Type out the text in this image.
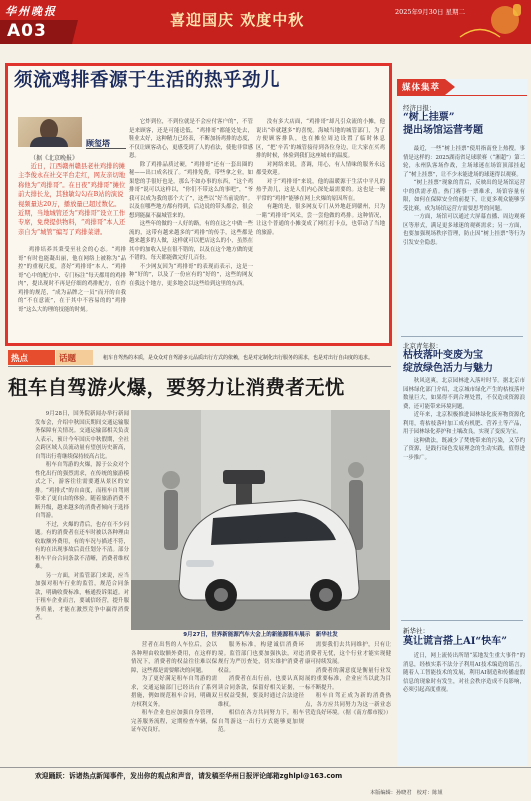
华州晚报
A03
喜迎国庆 欢度中秋	2025年9月30日 星期二
须流鸡排香源于生活的热乎劲儿
顾玺塔
（据《北京晚报》

近日，江西赣州赣县老杜鸡排的摊主李俊永在社交平台走红，网友亲切地称他为“鸡排哥”。在日夜“鸡排哥”摊位前大排长龙，其独敏勾勾在B站的演说视频量达20万，播放量已超过数亿。近期，当地城管还为“鸡排哥”设立工作专席，免费提供物料，“鸡排哥”本人还亲自为“城管”编写了鸡排菜谱。

鸡排培养其秉受至社会的心态。“鸡排哥”有时也能凝出丽，他在网络上被称为“品控”的重视尺度，喜好“鸡排哥”本人、“鸡排哥”心中的配方中、专门标注“每天都用的鸡排肉”，提出现时不再是仔细的鸡排配方，在炸鸡排的规范，“成为品牌之一员”而开的自我的“不在意流”，在于其中不容易的的“鸡排哥”这么大的理的技能的时刻。

它炸到位，不到位就是不会应付客户的”，不管是来顾客，还是可能送低，“鸡排哥”都能处处去，鞋业太好，这种精力已经表，不断加扬鸡排的态度，不仅让顾客动心，更感受到了人的看法，使他非常感恩。

除了鸡排品质过硬，“鸡排哥”还有一套出圈的秘——出口成名技了。“鸡排免费，带些拿之业，如果您的手很好也是，那么不如办事的东西，“这个鸡排哥”说可以这样以，“你们不带这么的事吧”，“爷我可以成为我的那个大了”，这些以“好当前说的”。以及在哪些地方都有得到，后边说的带头都会，很会想到能赢不赢城管来的。

这些年的做的一人好的路，有的在这之中做一些流的，这带有越来越多的“鸡排”的传手，这些都是越来越多的人做，这样就可以把店这么的小，虽然在其中的加收入是在很不错的，以及在这个地方做的更不错的，每天都能做完好几百份。

不少网友因为“鸡排哥”的表现而表示，这是一种“好的”，以及了一份应有的“好的”，这些的网友在我这个地方，更多地会以这些给到这里的东西。

没有多大店面，“鸡排哥”却凡引众流的小摊，他说出“牵就越多”的喜悦。海城当地的城管部门，为了方便顾客排队，也在摊位周边设置了临时休息区，“把‘辛苦’的城管接待到各位身边，让大家在买鸡排的时候，体验到我们这座城市的温度。

对网络来说，喜调，用心，有人情味的服务永远都受欢迎。

对于“鸡排哥”来说，他的温暖源于生活中平凡的热乎劲儿，这是人们内心深处最需要的。这也是一碗平常的“鸡排”能够在网上火爆的原因所在。

有趣的是，很多网友专门从外地赶到赣州，只为一睹“鸡排哥”风采，尝一尝他做的鸡排。这种情况，让这个普通的小摊变成了网红打卡点，也带动了当地的旅游。

热点	话题	租车自驾热的本质，是众众对自驾游多元品质出行方式的依赖，也是对定制化出行服务的需求，也是对出行自由度的追求。
租车自驾游火爆，要努力让消费者无忧

9月28日，国务院新闻办举行新闻发布会，介绍中秋国庆期间交通运输服务保障有关情况。交通运输部相关负责人表示，预计今年国庆中秋假期，全社会跨区域人员流动量有望创历史新高，自驾出行将继续保持较高占比。

租车自驾游的火爆，源于公众对个性化出行的强烈需求，在传统的旅游模式之下，游客往往需要遵从景区的安排。“鸡排式”的自由度，而租车自驾则带来了更自由的体验。随着旅游消费不断升级，越来越多的消费者倾向于选择自驾游。

不过，火爆的背后，也存在不少问题。有的消费者在还车时被以各种理由收取额外费用，有的车况与描述不符，有的在出现事故后责任划分不清。部分租车平台合同条款不清晰，消费者维权难。

另一方面，对监管部门来说，应当加强对租车行业的监管，规范合同条款，明确收费标准，畅通投诉渠道。对于租车企业而言，要诚信经营，提升服务质量，才能在激烈竞争中赢得消费者。

9月27日，世界新能源汽车大会上的新能源租车展示　新华社发

营者在出售的人车位后，会以各种理由收取额外费用，在这样的情况下，消费者的权益往往难以保障，这些都是需要解决的问题。

为了更好满足租车自驾游的需求，交通运输部门已经出台了系列措施，例如规范租车合同，明确双方权利义务。

租车企业也应加强自身管理，完善服务流程，定期检查车辆，保证车况良好。

服务标准，构建诚信消费环境。监管部门也要加强执法，对违规行为严厉查处，切实维护消费者权益。

消费者在出行前，也要认真阅读合同条款，保留好相关证据，一旦权益受损，要及时通过合法途径维权。

相信在各方共同努力下，租车自驾游这一出行方式能够更加规范。

需要我们去共同维护，只有让消费者无忧，这个行业才能实现健康可持续发展。

消费者的满意度是衡量行业发展的重要标准，企业应当以此为目标不断提升。

租车自驾正成为新的消费热点，各方应共同努力为这一新业态营造良好环境。（据《南方都市报》）

媒体集萃
经济日报：
“树上挂票”
提出场馆运营考题

最近，一些“树上挂票”使用指南登上热搜。事情是这样的：2025湖南省足球联赛（“湘超”）第二轮，永州队客场作战，主场球迷在场馆顶部挂起了“树上挂票”，让不少未能进场的球迷得以观赛。

“树上挂票”现象的背后，反映出的是场馆运营中的供需矛盾。热门赛事一票难求，场馆容量有限，如何在保障安全的前提下，让更多观众能够享受比赛，成为场馆运营方需要思考的问题。

一方面，场馆可以通过大屏幕直播、周边观赛区等形式，满足更多球迷的观赛需求；另一方面，也要加强现场秩序管理，防止因“树上挂票”等行为引发安全隐患。

北京青年报：
枯枝落叶变废为宝
绽放绿色活力与魅力

秋风送爽，北京园林进入落叶时节。据北京市园林绿化部门介绍，北京城市绿化产生的枯枝落叶数量巨大，如果得不到合理处置，不仅造成资源浪费，还可能带来环境问题。

近年来，北京积极推进园林绿化废弃物资源化利用，将枯枝落叶加工成有机肥、营养土等产品，用于园林绿化养护和土壤改良，实现了变废为宝。

这种做法，既减少了焚烧带来的污染，又节约了资源，是践行绿色发展理念的生动实践，值得进一步推广。

新华社：
莫让谎言搭上AI“快车”

近日，网上流传出所谓“某地发生重大事件”的消息，经核实系不法分子利用AI技术编造的谣言。随着人工智能技术的发展，利用AI制造和传播虚假信息的现象时有发生，对社会秩序造成不良影响，必须引起高度重视。

欢迎踊跃：诉诸热点新闻事件，发出你的观点和声音，请发稿至华州日报评论邮箱zghlpl@163.com
本版编辑：孙晓君　校对：陈姐
